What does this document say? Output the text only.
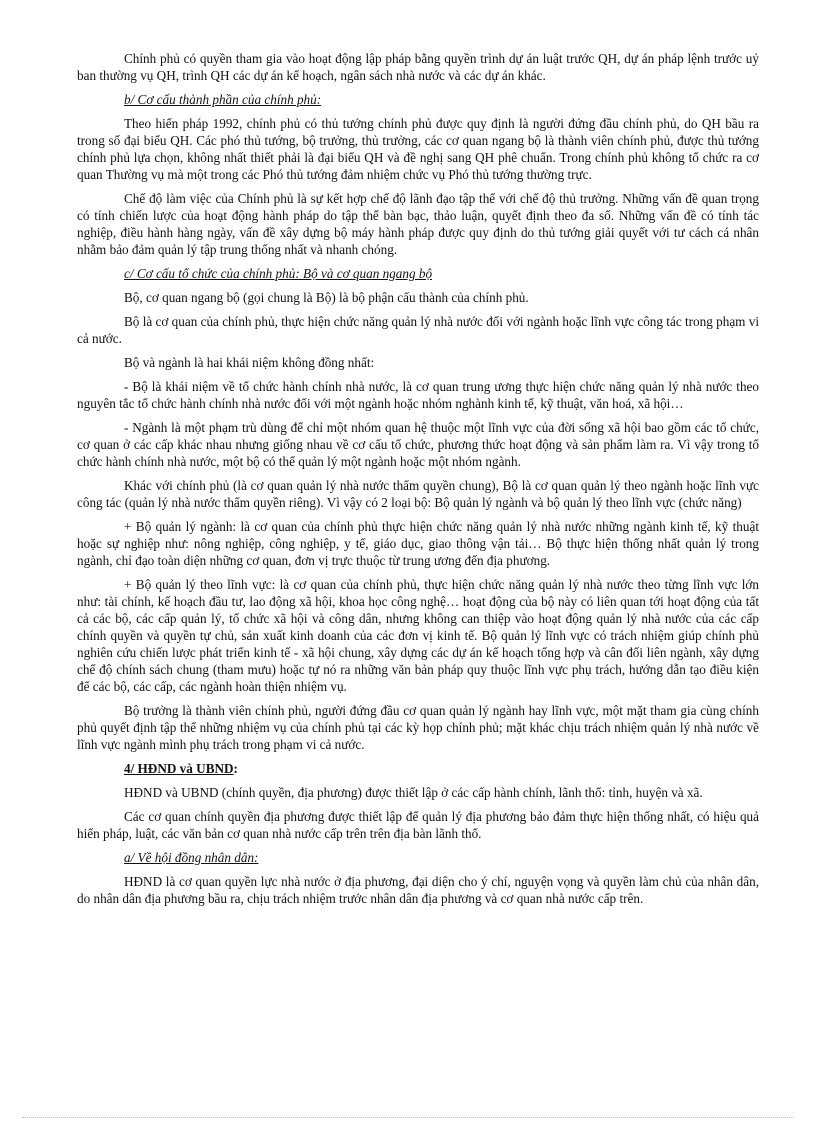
Chính phủ có quyền tham gia vào hoạt động lập pháp bằng quyền trình dự án luật trước QH, dự án pháp lệnh trước uỷ ban thường vụ QH, trình QH các dự án kế hoạch, ngân sách nhà nước và các dự án khác.

b/ Cơ cấu thành phần của chính phủ:

Theo hiến pháp 1992, chính phủ có thủ tướng chính phủ được quy định là người đứng đầu chính phủ, do QH bầu ra trong số đại biểu QH. Các phó thủ tướng, bộ trưởng, thủ trưởng, các cơ quan ngang bộ là thành viên chính phủ, được thủ tướng chính phủ lựa chọn, không nhất thiết phải là đại biểu QH và đề nghị sang QH phê chuẩn. Trong chính phủ không tổ chức ra cơ quan Thường vụ mà một trong các Phó thủ tướng đảm nhiệm chức vụ Phó thủ tướng thường trực.

Chế độ làm việc của Chính phủ là sự kết hợp chế độ lãnh đạo tập thể với chế độ thủ trưởng. Những vấn đề quan trọng có tính chiến lược của hoạt động hành pháp do tập thể bàn bạc, thảo luận, quyết định theo đa số. Những vấn đề có tính tác nghiệp, điều hành hàng ngày, vấn đề xây dựng bộ máy hành pháp được quy định do thủ tướng giải quyết với tư cách cá nhân nhằm bảo đảm quản lý tập trung thống nhất và nhanh chóng.

c/ Cơ cấu tổ chức của chính phủ: Bộ và cơ quan ngang bộ

Bộ, cơ quan ngang bộ (gọi chung là Bộ) là bộ phận cấu thành của chính phủ.

Bộ là cơ quan của chính phủ, thực hiện chức năng quản lý nhà nước đối với ngành hoặc lĩnh vực công tác trong phạm vi cả nước.

Bộ và ngành là hai khái niệm không đồng nhất:

- Bộ là khái niệm về tổ chức hành chính nhà nước, là cơ quan trung ương thực hiện chức năng quản lý nhà nước theo nguyên tắc tổ chức hành chính nhà nước đối với một ngành hoặc nhóm nghành kinh tế, kỹ thuật, văn hoá, xã hội…

- Ngành là một phạm trù dùng để chỉ một nhóm quan hệ thuộc một lĩnh vực của đời sống xã hội bao gồm các tổ chức, cơ quan ở các cấp khác nhau nhưng giống nhau về cơ cấu tổ chức, phương thức hoạt động và sản phẩm làm ra. Vì vậy trong tổ chức hành chính nhà nước, một bộ có thể quản lý một ngành hoặc một nhóm ngành.

Khác với chính phủ (là cơ quan quản lý nhà nước thẩm quyền chung), Bộ là cơ quan quản lý theo ngành hoặc lĩnh vực công tác (quản lý nhà nước thẩm quyền riêng). Vì vậy có 2 loại bộ: Bộ quản lý ngành và bộ quản lý theo lĩnh vực (chức năng)

+ Bộ quản lý ngành: là cơ quan của chính phủ thực hiện chức năng quản lý nhà nước những ngành kinh tế, kỹ thuật hoặc sự nghiệp như: nông nghiệp, công nghiệp, y tế, giáo dục, giao thông vận tải… Bộ thực hiện thống nhất quản lý trong ngành, chỉ đạo toàn diện những cơ quan, đơn vị trực thuộc từ trung ương đến địa phương.

+ Bộ quản lý theo lĩnh vực: là cơ quan của chính phủ, thực hiện chức năng quản lý nhà nước theo từng lĩnh vực lớn như: tài chính, kế hoạch đầu tư, lao động xã hội, khoa học công nghệ… hoạt động của bộ này có liên quan tới hoạt động của tất cả các bộ, các cấp quản lý, tổ chức xã hội và công dân, nhưng không can thiệp vào hoạt động quản lý nhà nước của các cấp chính quyền và quyền tự chủ, sản xuất kinh doanh của các đơn vị kinh tế. Bộ quản lý lĩnh vực có trách nhiệm giúp chính phủ nghiên cứu chiến lược phát triển kinh tế - xã hội chung, xây dựng các dự án kế hoạch tổng hợp và cân đối liên ngành, xây dựng chế độ chính sách chung (tham mưu) hoặc tự nó ra những văn bản pháp quy thuộc lĩnh vực phụ trách, hướng dẫn tạo điều kiện để các bộ, các cấp, các ngành hoàn thiện nhiệm vụ.

Bộ trưởng là thành viên chính phủ, người đứng đầu cơ quan quản lý ngành hay lĩnh vực, một mặt tham gia cùng chính phủ quyết định tập thể những nhiệm vụ của chính phủ tại các kỳ họp chính phủ; mặt khác chịu trách nhiệm quản lý nhà nước về lĩnh vực ngành mình phụ trách trong phạm vi cả nước.

4/ HĐND và UBND:

HĐND và UBND (chính quyền, địa phương) được thiết lập ở các cấp hành chính, lãnh thổ: tỉnh, huyện và xã.

Các cơ quan chính quyền địa phương được thiết lập để quản lý địa phương bảo đảm thực hiện thống nhất, có hiệu quả hiến pháp, luật, các văn bản cơ quan nhà nước cấp trên trên địa bàn lãnh thổ.

a/ Về hội đồng nhân dân:

HĐND là cơ quan quyền lực nhà nước ở địa phương, đại diện cho ý chí, nguyện vọng và quyền làm chủ của nhân dân, do nhân dân địa phương bầu ra, chịu trách nhiệm trước nhân dân địa phương và cơ quan nhà nước cấp trên.
